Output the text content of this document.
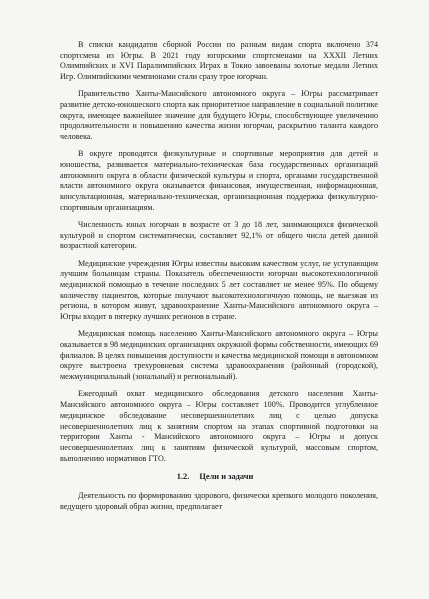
В списки кандидатов сборной России по разным видам спорта включено 374 спортсмена из Югры. В 2021 году югорскими спортсменами на XXXII Летних Олимпийских и XVI Паралимпийских Играх в Токио завоеваны золотые медали Летних Игр. Олимпийскими чемпионами стали сразу трое югорчан.

Правительство Ханты-Мансийского автономного округа – Югры рассматривает развитие детско-юношеского спорта как приоритетное направление в социальной политике округа, имеющее важнейшее значение для будущего Югры, способствующее увеличению продолжительности и повышению качества жизни югорчан, раскрытию таланта каждого человека.

В округе проводятся физкультурные и спортивные мероприятия для детей и юношества, развивается материально-техническая база государственных организаций автономного округа в области физической культуры и спорта, органами государственной власти автономного округа оказывается финансовая, имущественная, информационная, консультационная, материально-техническая, организационная поддержка физкультурно-спортивным организациям.

Численность юных югорчан в возрасте от 3 до 18 лет, занимающихся физической культурой и спортом систематически, составляет 92,1% от общего числа детей данной возрастной категории.

Медицинские учреждения Югры известны высоким качеством услуг, не уступающим лучшим больницам страны. Показатель обеспеченности югорчан высокотехнологичной медицинской помощью в течение последних 5 лет составляет не менее 95%. По общему количеству пациентов, которые получают высокотехнологичную помощь, не выезжая из региона, в котором живут, здравоохранение Ханты-Мансийского автономного округа – Югры входит в пятерку лучших регионов в стране.

Медицинская помощь населению Ханты-Мансийского автономного округа – Югры оказывается в 98 медицинских организациях окружной формы собственности, имеющих 69 филиалов. В целях повышения доступности и качества медицинской помощи в автономном округе выстроена трехуровневая система здравоохранения (районный (городской), межмуниципальный (зональный) и региональный).

Ежегодный охват медицинского обследования детского населения Ханты-Мансийского автономного округа – Югры составляет 100%. Проводится углубленное медицинское обследование несовершеннолетних лиц с целью допуска несовершеннолетних лиц к занятиям спортом на этапах спортивной подготовки на территории Ханты - Мансийского автономного округа – Югры и допуск несовершеннолетних лиц к занятиям физической культурой, массовым спортом, выполнению нормативов ГТО.

1.2. Цели и задачи

Деятельность по формированию здорового, физически крепкого молодого поколения, ведущего здоровый образ жизни, предполагает
